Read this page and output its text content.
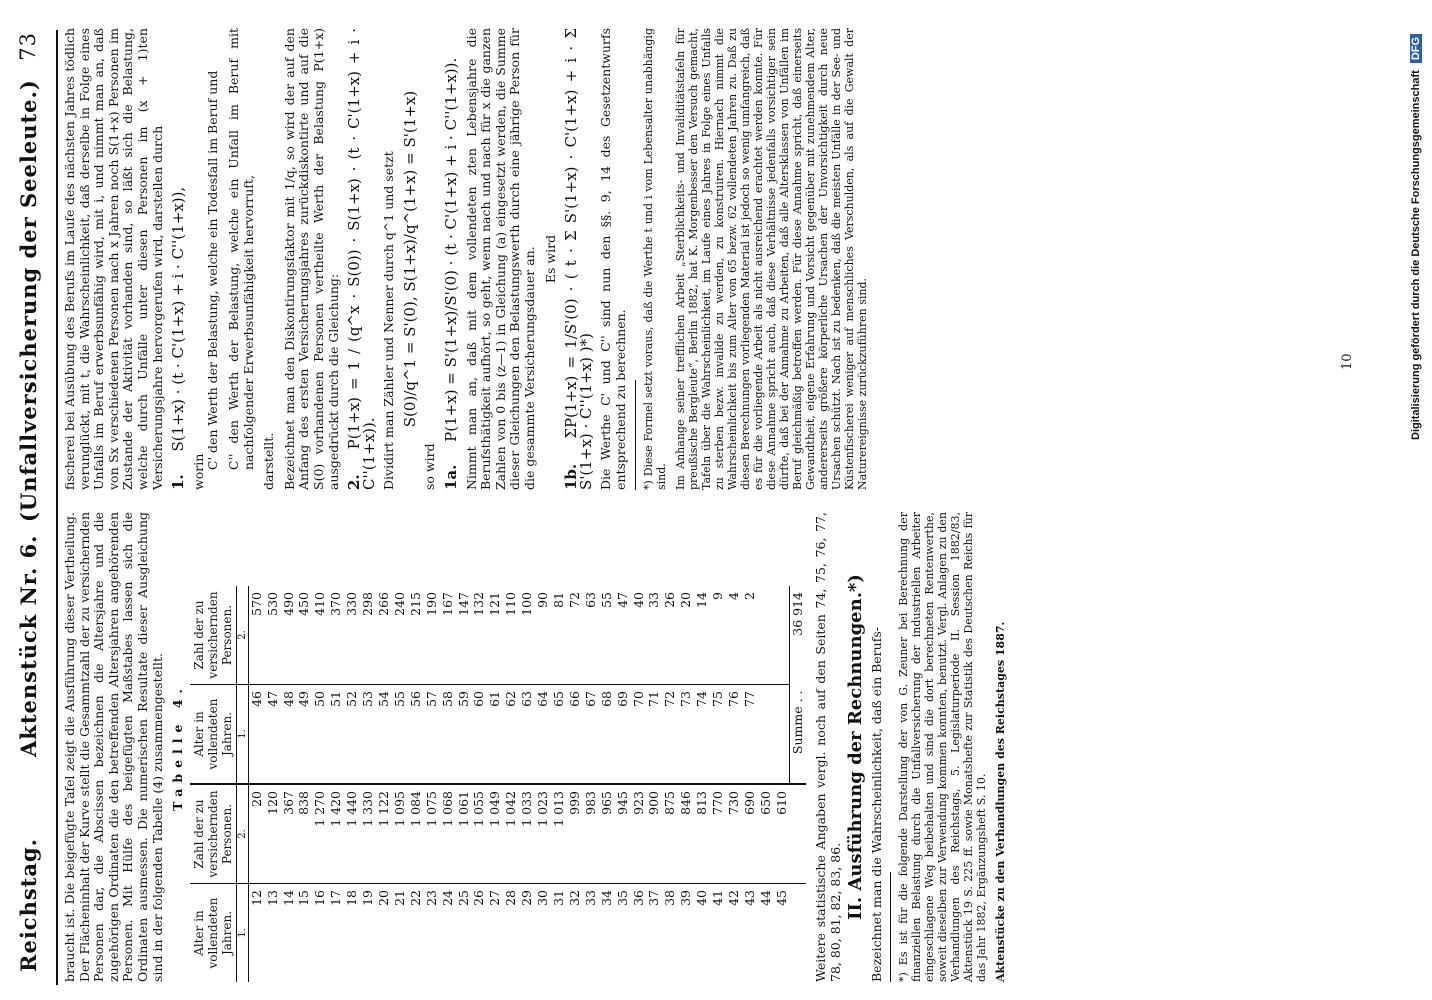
Reichstag.
Aktenstück Nr. 6.
(Unfallversicherung der Seeleute.)
73

braucht ist. Die beigefügte Tafel zeigt die Ausführung dieser Vertheilung. Der Flächeninhalt der Kurve stellt die Gesammtzahl der zu versichernden Personen dar, die Abscissen bezeichnen die Altersjahre und die zugehörigen Ordinaten die den betreffenden Altersjahren angehörenden Personen. Mit Hülfe des beigefügten Maßstabes lassen sich die Ordinaten ausmessen. Die numerischen Resultate dieser Ausgleichung sind in der folgenden Tabelle (4) zusammengestellt. Tabelle 4.
Alter in vollendeten Jahren.	Zahl der zu versichernden Personen.	Alter in vollendeten Jahren.	Zahl der zu versichernden Personen.
1.	2.	1.	2.
12	20	46	570
13	120	47	530
14	367	48	490
15	838	49	450
16	1 270	50	410
17	1 420	51	370
18	1 440	52	330
19	1 330	53	298
20	1 122	54	266
21	1 095	55	240
22	1 084	56	215
23	1 075	57	190
24	1 068	58	167
25	1 061	59	147
26	1 055	60	132
27	1 049	61	121
28	1 042	62	110
29	1 033	63	100
30	1 023	64	90
31	1 013	65	81
32	999	66	72
33	983	67	63
34	965	68	55
35	945	69	47
36	923	70	40
37	900	71	33
38	875	72	26
39	846	73	20
40	813	74	14
41	770	75	9
42	730	76	4
43	690	77	2
44	650		
45	610		
		Summe . .	36 914 Weitere statistische Angaben vergl. noch auf den Seiten 74, 75, 76, 77, 78, 80, 81, 82, 83, 86. II. Ausführung der Rechnungen.*) Bezeichnet man die Wahrscheinlichkeit, daß ein Berufs- *) Es ist für die folgende Darstellung der von G. Zeuner bei Berechnung der finanziellen Belastung durch die Unfallversicherung der industriellen Arbeiter eingeschlagene Weg beibehalten und sind die dort berechneten Rentenwerthe, soweit dieselben zur Verwendung kommen konnten, benutzt. Vergl. Anlagen zu den Verhandlungen des Reichstags, 5. Legislaturperiode II. Session 1882/83, Aktenstück 19 S. 225 ff. sowie Monatshefte zur Statistik des Deutschen Reichs für das Jahr 1882, Ergänzungsheft S. 10. Aktenstücke zu den Verhandlungen des Reichstages 1887.

fischerei bei Ausübung des Berufs im Laufe des nächsten Jahres tödlich verunglückt, mit t, die Wahrscheinlichkeit, daß derselbe in Folge eines Unfalls im Beruf erwerbsunfähig wird, mit i, und nimmt man an, daß von Sx verschiedenen Personen nach x Jahren noch S(1+x) Personen im Zustande der Aktivität vorhanden sind, so läßt sich die Belastung, welche durch Unfälle unter diesen Personen im (x + 1)ten Versicherungsjahre hervorgerufen wird, darstellen durch 1. S(1+x) · (t · C'(1+x) + i · C''(1+x)),

worin

C' den Werth der Belastung, welche ein Todesfall im Beruf und C'' den Werth der Belastung, welche ein Unfall im Beruf mit nachfolgender Erwerbsunfähigkeit hervorruft, darstellt. Bezeichnet man den Diskontirungsfaktor mit 1/q, so wird der auf den Anfang des ersten Versicherungsjahres zurückdiskontirte und auf die S(0) vorhandenen Personen vertheilte Werth der Belastung P(1+x) ausgedrückt durch die Gleichung: 2. P(1+x) = 1 / (q^x · S(0)) · S(1+x) · (t · C'(1+x) + i · C''(1+x)). Dividirt man Zähler und Nenner durch q^1 und setzt S(0)/q^1 = S'(0), S(1+x)/q^(1+x) = S'(1+x)

so wird 1a. P(1+x) = S'(1+x)/S'(0) · (t · C'(1+x) + i · C''(1+x)). Nimmt man an, daß mit dem vollendeten zten Lebensjahre die Berufsthätigkeit aufhört, so geht, wenn nach und nach für x die ganzen Zahlen von 0 bis (z—1) in Gleichung (a) eingesetzt werden, die Summe dieser Gleichungen den Belastungswerth durch eine jährige Person für die gesammte Versicherungsdauer an. Es wird

1b. ΣP(1+x) = 1/S'(0) · ( t · Σ S'(1+x) · C'(1+x) + i · Σ S'(1+x) · C''(1+x) )*) Die Werthe C' und C'' sind nun den §§. 9, 14 des Gesetzentwurfs entsprechend zu berechnen. *) Diese Formel setzt voraus, daß die Werthe t und i vom Lebensalter unabhängig sind. Im Anhange seiner trefflichen Arbeit „Sterblichkeits- und Invaliditätstafeln für preußische Bergleute“, Berlin 1882, hat K. Morgenbesser den Versuch gemacht, Tafeln über die Wahrscheinlichkeit, im Laufe eines Jahres in Folge eines Unfalls zu sterben bezw. invalide zu werden, zu konstruiren. Hiernach nimmt die Wahrscheinlichkeit bis zum Alter von 65 bezw. 62 vollendeten Jahren zu. Daß zu diesen Berechnungen vorliegenden Material ist jedoch so wenig umfangreich, daß es für die vorliegende Arbeit als nicht ausreichend erachtet werden konnte. Für diese Annahme spricht auch, daß diese Verhältnisse jedenfalls vorsichtiger sein dürfte, daß bei der Annahme zu Arbeiten, daß alle Altersklassen von Unfällen im Beruf gleichmäßig betroffen werden. Für diese Annahme spricht, daß einerseits Gewandtheit, eigene Erfahrung und Vorsicht gegenüber mit zunehmendem Alter, andererseits größere körperliche Ursachen der Unvorsichtigkeit durch neue Ursachen schützt. Nach ist zu bedenken, daß die meisten Unfälle in der See- und Küstenfischerei weniger auf menschliches Verschulden, als auf die Gewalt der Naturereignisse zurückzuführen sind.	10	Digitalisierung gefördert durch die Deutsche Forschungsgemeinschaft DFG
